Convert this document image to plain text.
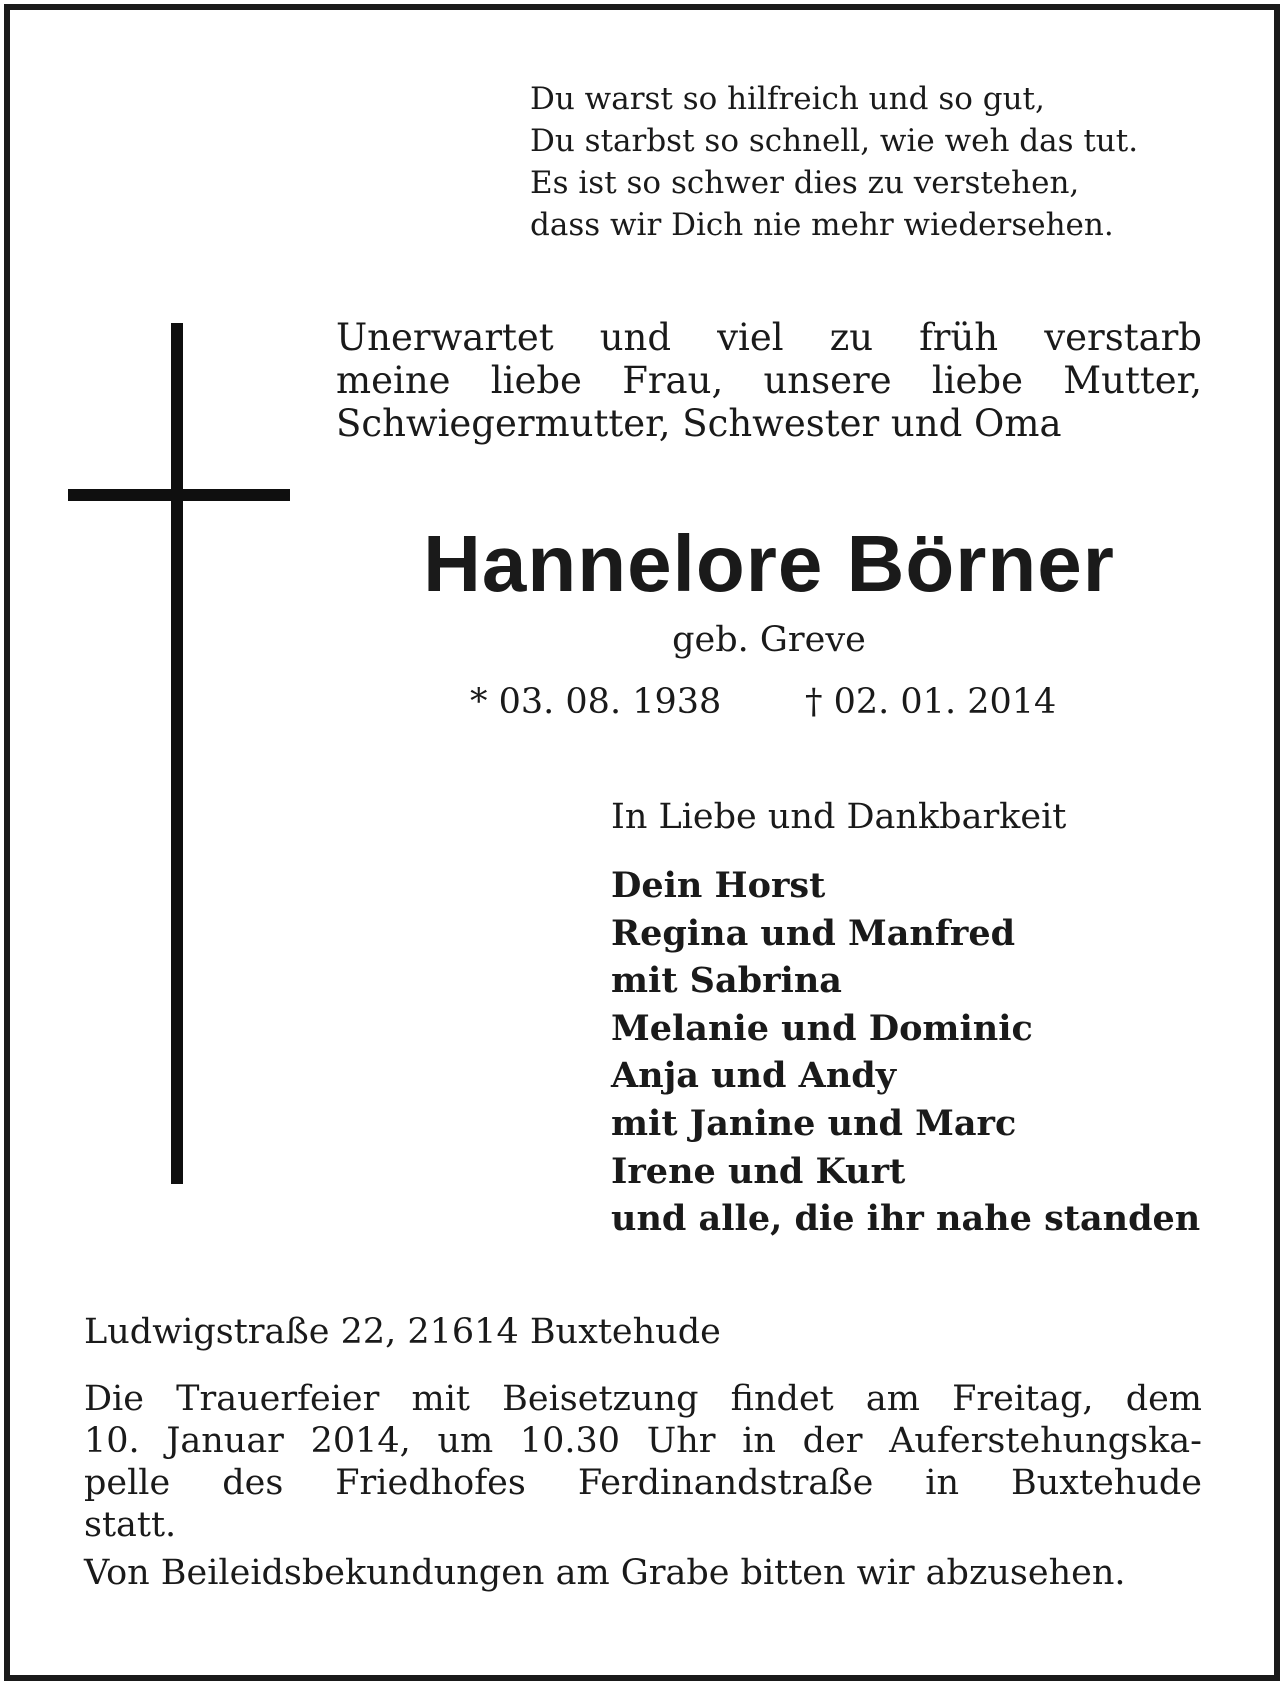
Du warst so hilfreich und so gut,
Du starbst so schnell, wie weh das tut.
Es ist so schwer dies zu verstehen,
dass wir Dich nie mehr wiedersehen.
Unerwartet und viel zu früh verstarb
meine liebe Frau, unsere liebe Mutter,
Schwiegermutter, Schwester und Oma
Hannelore Börner
geb. Greve
* 03. 08. 1938 † 02. 01. 2014
In Liebe und Dankbarkeit
Dein Horst
Regina und Manfred
mit Sabrina
Melanie und Dominic
Anja und Andy
mit Janine und Marc
Irene und Kurt
und alle, die ihr nahe standen
Ludwigstraße 22, 21614 Buxtehude
Die Trauerfeier mit Beisetzung findet am Freitag, dem
10. Januar 2014, um 10.30 Uhr in der Auferstehungska-
pelle des Friedhofes Ferdinandstraße in Buxtehude
statt.
Von Beileidsbekundungen am Grabe bitten wir abzusehen.
